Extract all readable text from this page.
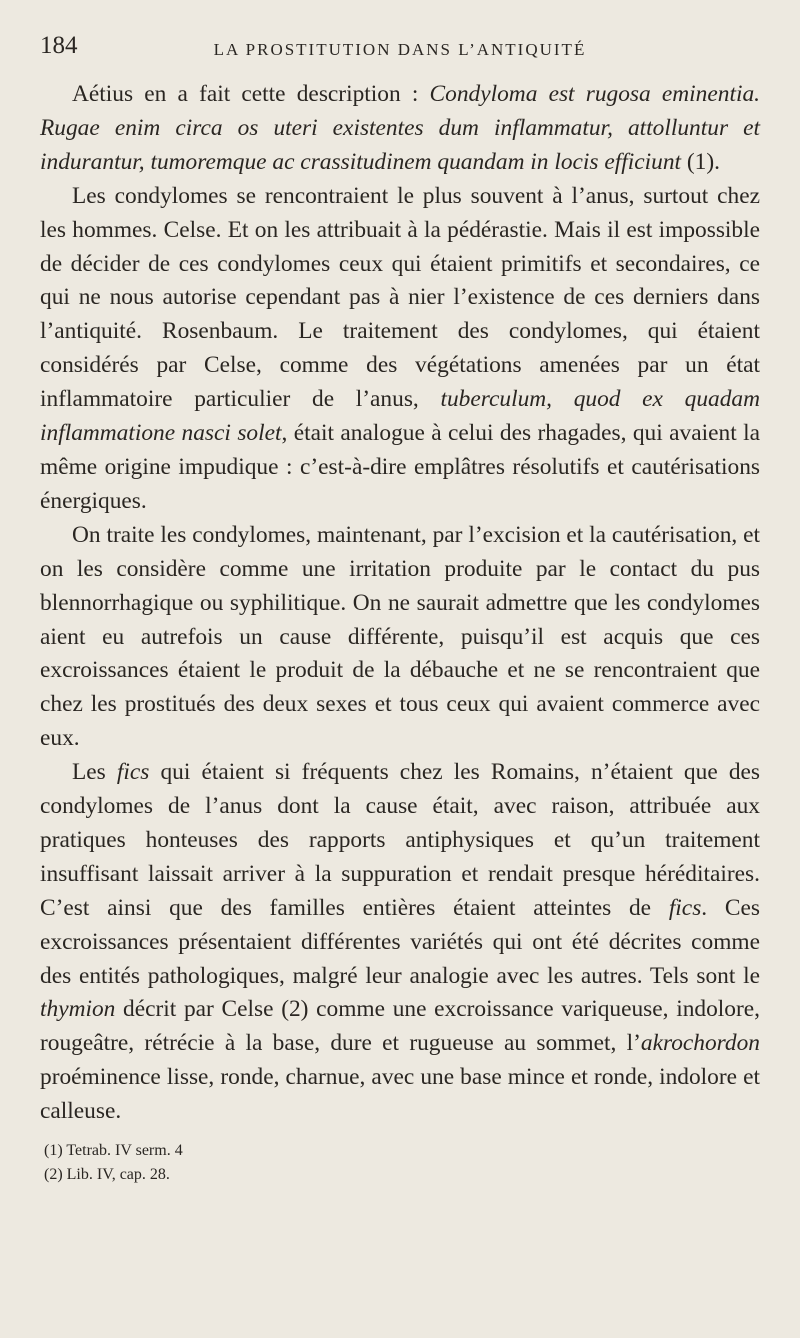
184	LA PROSTITUTION DANS L’ANTIQUITÉ

Aétius en a fait cette description : Condyloma est rugosa eminentia. Rugae enim circa os uteri existentes dum inflammatur, attolluntur et indurantur, tumoremque ac crassitudinem quandam in locis efficiunt (1).

Les condylomes se rencontraient le plus souvent à l’anus, surtout chez les hommes. Celse. Et on les attribuait à la pédérastie. Mais il est impossible de décider de ces condylomes ceux qui étaient primitifs et secondaires, ce qui ne nous autorise cependant pas à nier l’existence de ces derniers dans l’antiquité. Rosenbaum. Le traitement des condylomes, qui étaient considérés par Celse, comme des végétations amenées par un état inflammatoire particulier de l’anus, tuberculum, quod ex quadam inflammatione nasci solet, était analogue à celui des rhagades, qui avaient la même origine impudique : c’est-à-dire emplâtres résolutifs et cautérisations énergiques.

On traite les condylomes, maintenant, par l’excision et la cautérisation, et on les considère comme une irritation produite par le contact du pus blennorrhagique ou syphilitique. On ne saurait admettre que les condylomes aient eu autrefois un cause différente, puisqu’il est acquis que ces excroissances étaient le produit de la débauche et ne se rencontraient que chez les prostitués des deux sexes et tous ceux qui avaient commerce avec eux.

Les fics qui étaient si fréquents chez les Romains, n’étaient que des condylomes de l’anus dont la cause était, avec raison, attribuée aux pratiques honteuses des rapports antiphysiques et qu’un traitement insuffisant laissait arriver à la suppuration et rendait presque héréditaires. C’est ainsi que des familles entières étaient atteintes de fics. Ces excroissances présentaient différentes variétés qui ont été décrites comme des entités pathologiques, malgré leur analogie avec les autres. Tels sont le thymion décrit par Celse (2) comme une excroissance variqueuse, indolore, rougeâtre, rétrécie à la base, dure et rugueuse au sommet, l’akrochordon proéminence lisse, ronde, charnue, avec une base mince et ronde, indolore et calleuse.

(1) Tetrab. IV serm. 4

(2) Lib. IV, cap. 28.
